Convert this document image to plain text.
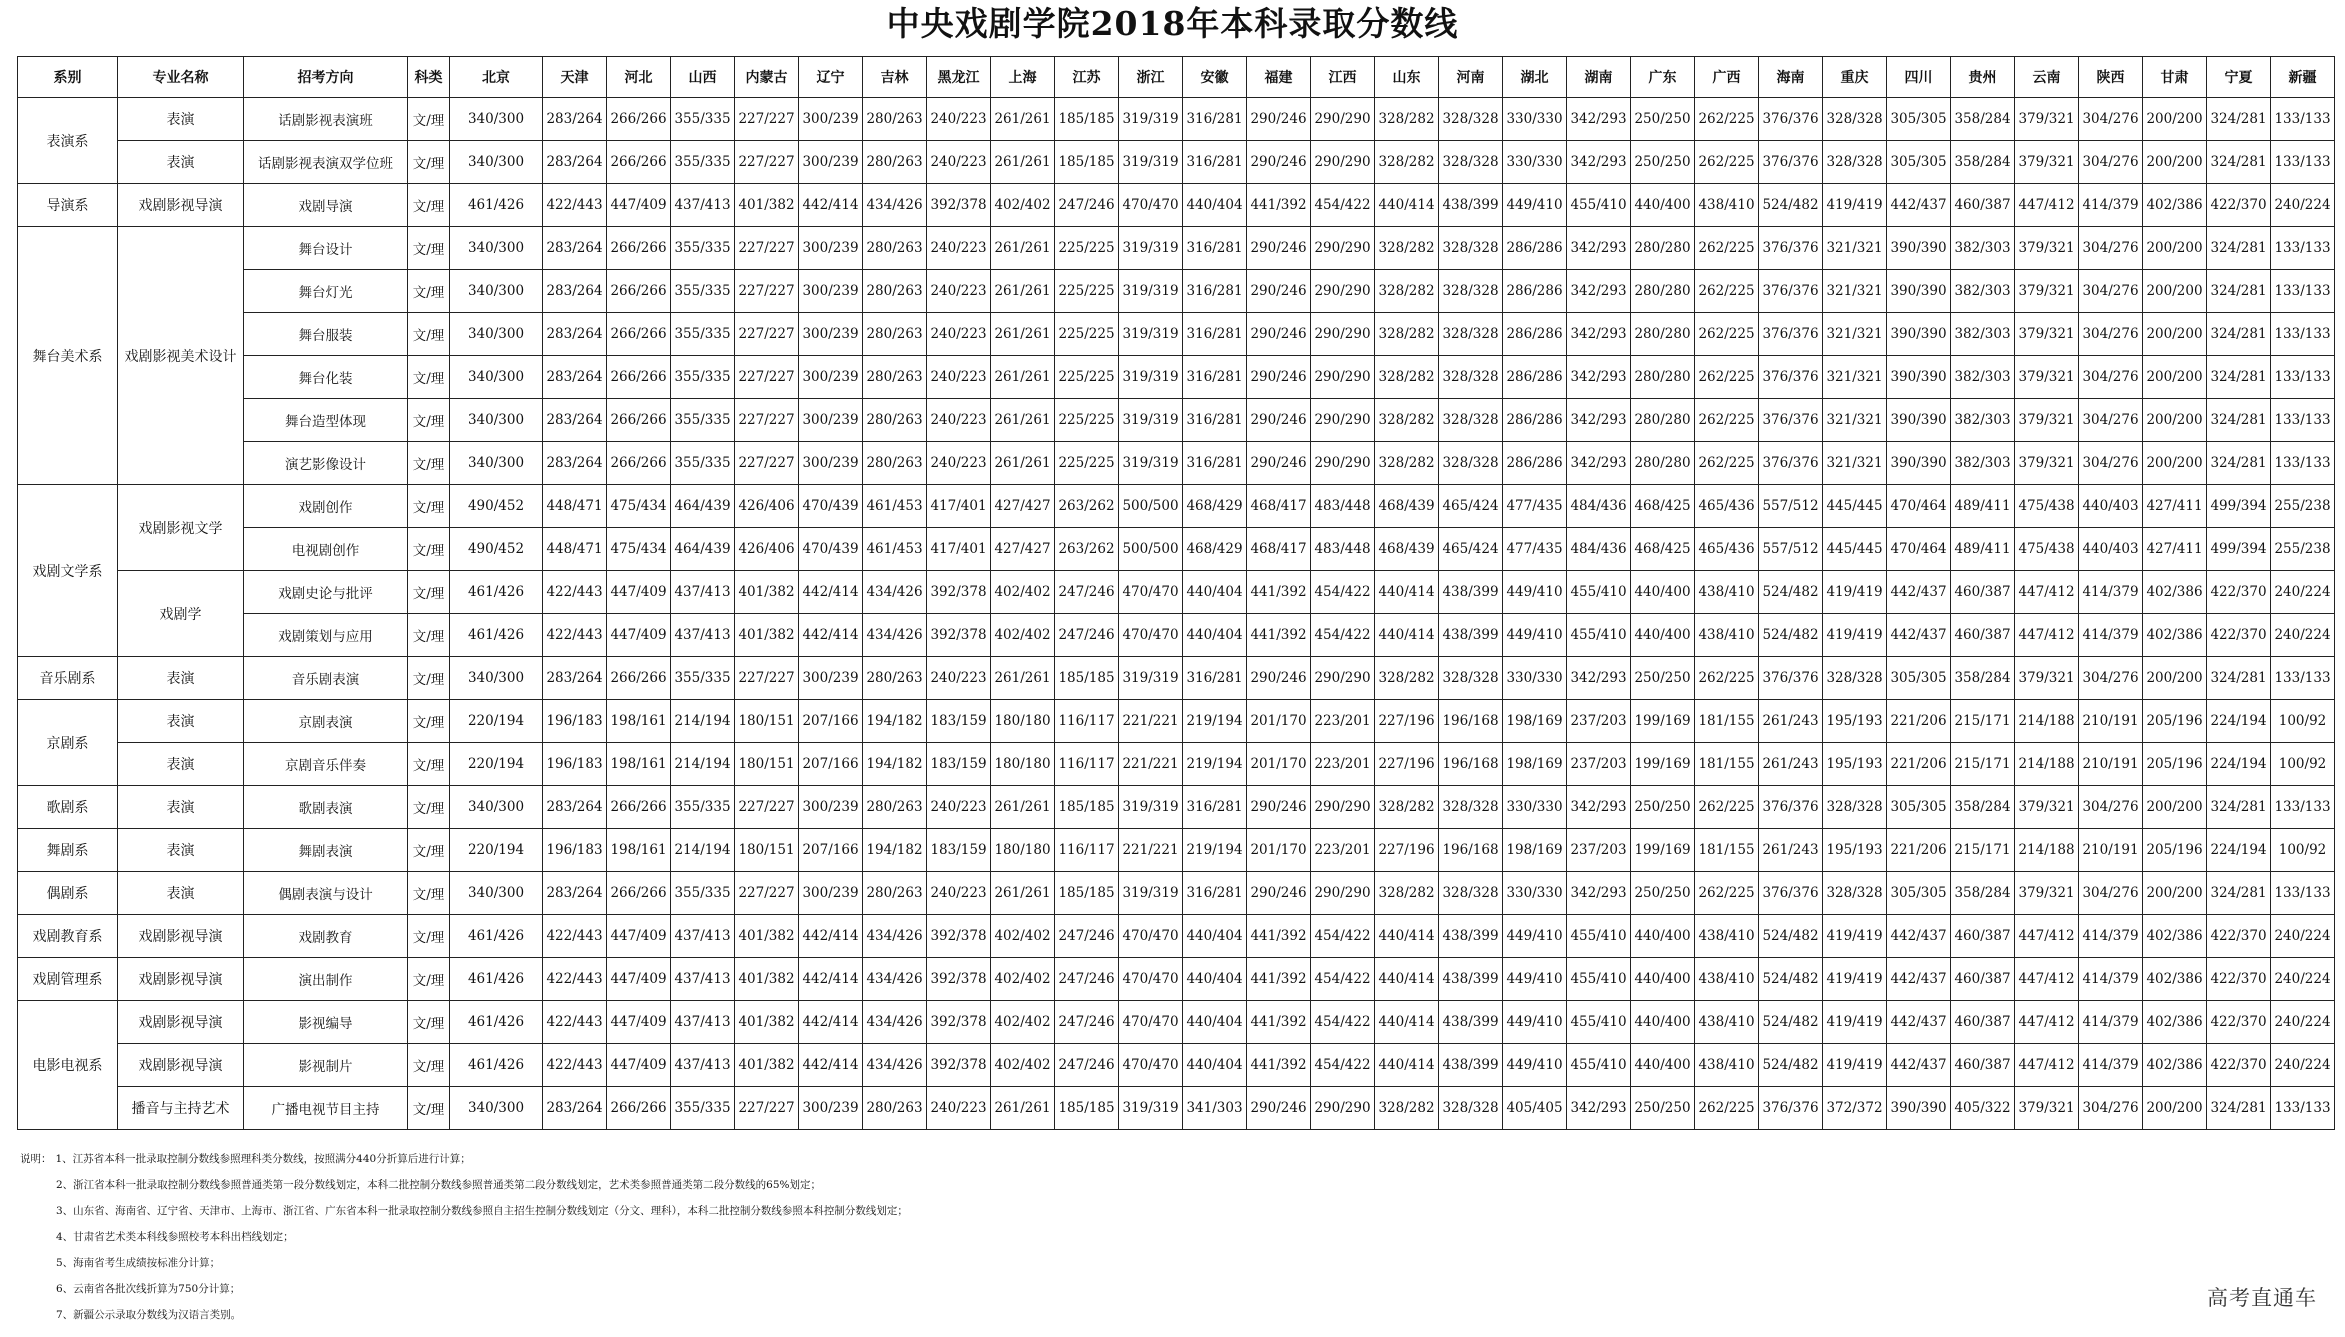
中央戏剧学院2018年本科录取分数线
系别	专业名称	招考方向	科类	北京	天津	河北	山西	内蒙古	辽宁	吉林	黑龙江	上海	江苏	浙江	安徽	福建	江西	山东	河南	湖北	湖南	广东	广西	海南	重庆	四川	贵州	云南	陕西	甘肃	宁夏	新疆
表演系	表演	话剧影视表演班	文/理	340/300	283/264	266/266	355/335	227/227	300/239	280/263	240/223	261/261	185/185	319/319	316/281	290/246	290/290	328/282	328/328	330/330	342/293	250/250	262/225	376/376	328/328	305/305	358/284	379/321	304/276	200/200	324/281	133/133
	表演	话剧影视表演双学位班	文/理	340/300	283/264	266/266	355/335	227/227	300/239	280/263	240/223	261/261	185/185	319/319	316/281	290/246	290/290	328/282	328/328	330/330	342/293	250/250	262/225	376/376	328/328	305/305	358/284	379/321	304/276	200/200	324/281	133/133
导演系	戏剧影视导演	戏剧导演	文/理	461/426	422/443	447/409	437/413	401/382	442/414	434/426	392/378	402/402	247/246	470/470	440/404	441/392	454/422	440/414	438/399	449/410	455/410	440/400	438/410	524/482	419/419	442/437	460/387	447/412	414/379	402/386	422/370	240/224
舞台美术系	戏剧影视美术设计	舞台设计	文/理	340/300	283/264	266/266	355/335	227/227	300/239	280/263	240/223	261/261	225/225	319/319	316/281	290/246	290/290	328/282	328/328	286/286	342/293	280/280	262/225	376/376	321/321	390/390	382/303	379/321	304/276	200/200	324/281	133/133
		舞台灯光	文/理	340/300	283/264	266/266	355/335	227/227	300/239	280/263	240/223	261/261	225/225	319/319	316/281	290/246	290/290	328/282	328/328	286/286	342/293	280/280	262/225	376/376	321/321	390/390	382/303	379/321	304/276	200/200	324/281	133/133
		舞台服装	文/理	340/300	283/264	266/266	355/335	227/227	300/239	280/263	240/223	261/261	225/225	319/319	316/281	290/246	290/290	328/282	328/328	286/286	342/293	280/280	262/225	376/376	321/321	390/390	382/303	379/321	304/276	200/200	324/281	133/133
		舞台化装	文/理	340/300	283/264	266/266	355/335	227/227	300/239	280/263	240/223	261/261	225/225	319/319	316/281	290/246	290/290	328/282	328/328	286/286	342/293	280/280	262/225	376/376	321/321	390/390	382/303	379/321	304/276	200/200	324/281	133/133
		舞台造型体现	文/理	340/300	283/264	266/266	355/335	227/227	300/239	280/263	240/223	261/261	225/225	319/319	316/281	290/246	290/290	328/282	328/328	286/286	342/293	280/280	262/225	376/376	321/321	390/390	382/303	379/321	304/276	200/200	324/281	133/133
		演艺影像设计	文/理	340/300	283/264	266/266	355/335	227/227	300/239	280/263	240/223	261/261	225/225	319/319	316/281	290/246	290/290	328/282	328/328	286/286	342/293	280/280	262/225	376/376	321/321	390/390	382/303	379/321	304/276	200/200	324/281	133/133
戏剧文学系	戏剧影视文学	戏剧创作	文/理	490/452	448/471	475/434	464/439	426/406	470/439	461/453	417/401	427/427	263/262	500/500	468/429	468/417	483/448	468/439	465/424	477/435	484/436	468/425	465/436	557/512	445/445	470/464	489/411	475/438	440/403	427/411	499/394	255/238
		电视剧创作	文/理	490/452	448/471	475/434	464/439	426/406	470/439	461/453	417/401	427/427	263/262	500/500	468/429	468/417	483/448	468/439	465/424	477/435	484/436	468/425	465/436	557/512	445/445	470/464	489/411	475/438	440/403	427/411	499/394	255/238
	戏剧学	戏剧史论与批评	文/理	461/426	422/443	447/409	437/413	401/382	442/414	434/426	392/378	402/402	247/246	470/470	440/404	441/392	454/422	440/414	438/399	449/410	455/410	440/400	438/410	524/482	419/419	442/437	460/387	447/412	414/379	402/386	422/370	240/224
		戏剧策划与应用	文/理	461/426	422/443	447/409	437/413	401/382	442/414	434/426	392/378	402/402	247/246	470/470	440/404	441/392	454/422	440/414	438/399	449/410	455/410	440/400	438/410	524/482	419/419	442/437	460/387	447/412	414/379	402/386	422/370	240/224
音乐剧系	表演	音乐剧表演	文/理	340/300	283/264	266/266	355/335	227/227	300/239	280/263	240/223	261/261	185/185	319/319	316/281	290/246	290/290	328/282	328/328	330/330	342/293	250/250	262/225	376/376	328/328	305/305	358/284	379/321	304/276	200/200	324/281	133/133
京剧系	表演	京剧表演	文/理	220/194	196/183	198/161	214/194	180/151	207/166	194/182	183/159	180/180	116/117	221/221	219/194	201/170	223/201	227/196	196/168	198/169	237/203	199/169	181/155	261/243	195/193	221/206	215/171	214/188	210/191	205/196	224/194	100/92
	表演	京剧音乐伴奏	文/理	220/194	196/183	198/161	214/194	180/151	207/166	194/182	183/159	180/180	116/117	221/221	219/194	201/170	223/201	227/196	196/168	198/169	237/203	199/169	181/155	261/243	195/193	221/206	215/171	214/188	210/191	205/196	224/194	100/92
歌剧系	表演	歌剧表演	文/理	340/300	283/264	266/266	355/335	227/227	300/239	280/263	240/223	261/261	185/185	319/319	316/281	290/246	290/290	328/282	328/328	330/330	342/293	250/250	262/225	376/376	328/328	305/305	358/284	379/321	304/276	200/200	324/281	133/133
舞剧系	表演	舞剧表演	文/理	220/194	196/183	198/161	214/194	180/151	207/166	194/182	183/159	180/180	116/117	221/221	219/194	201/170	223/201	227/196	196/168	198/169	237/203	199/169	181/155	261/243	195/193	221/206	215/171	214/188	210/191	205/196	224/194	100/92
偶剧系	表演	偶剧表演与设计	文/理	340/300	283/264	266/266	355/335	227/227	300/239	280/263	240/223	261/261	185/185	319/319	316/281	290/246	290/290	328/282	328/328	330/330	342/293	250/250	262/225	376/376	328/328	305/305	358/284	379/321	304/276	200/200	324/281	133/133
戏剧教育系	戏剧影视导演	戏剧教育	文/理	461/426	422/443	447/409	437/413	401/382	442/414	434/426	392/378	402/402	247/246	470/470	440/404	441/392	454/422	440/414	438/399	449/410	455/410	440/400	438/410	524/482	419/419	442/437	460/387	447/412	414/379	402/386	422/370	240/224
戏剧管理系	戏剧影视导演	演出制作	文/理	461/426	422/443	447/409	437/413	401/382	442/414	434/426	392/378	402/402	247/246	470/470	440/404	441/392	454/422	440/414	438/399	449/410	455/410	440/400	438/410	524/482	419/419	442/437	460/387	447/412	414/379	402/386	422/370	240/224
电影电视系	戏剧影视导演	影视编导	文/理	461/426	422/443	447/409	437/413	401/382	442/414	434/426	392/378	402/402	247/246	470/470	440/404	441/392	454/422	440/414	438/399	449/410	455/410	440/400	438/410	524/482	419/419	442/437	460/387	447/412	414/379	402/386	422/370	240/224
	戏剧影视导演	影视制片	文/理	461/426	422/443	447/409	437/413	401/382	442/414	434/426	392/378	402/402	247/246	470/470	440/404	441/392	454/422	440/414	438/399	449/410	455/410	440/400	438/410	524/482	419/419	442/437	460/387	447/412	414/379	402/386	422/370	240/224
	播音与主持艺术	广播电视节目主持	文/理	340/300	283/264	266/266	355/335	227/227	300/239	280/263	240/223	261/261	185/185	319/319	341/303	290/246	290/290	328/282	328/328	405/405	342/293	250/250	262/225	376/376	372/372	390/390	405/322	379/321	304/276	200/200	324/281	133/133

说明： 1、江苏省本科一批录取控制分数线参照理科类分数线，按照满分440分折算后进行计算；

2、浙江省本科一批录取控制分数线参照普通类第一段分数线划定，本科二批控制分数线参照普通类第二段分数线划定，艺术类参照普通类第二段分数线的65%划定；

3、山东省、海南省、辽宁省、天津市、上海市、浙江省、广东省本科一批录取控制分数线参照自主招生控制分数线划定（分文、理科），本科二批控制分数线参照本科控制分数线划定；

4、甘肃省艺术类本科线参照校考本科出档线划定；

5、海南省考生成绩按标准分计算；

6、云南省各批次线折算为750分计算；

7、新疆公示录取分数线为汉语言类别。

高考直通车
